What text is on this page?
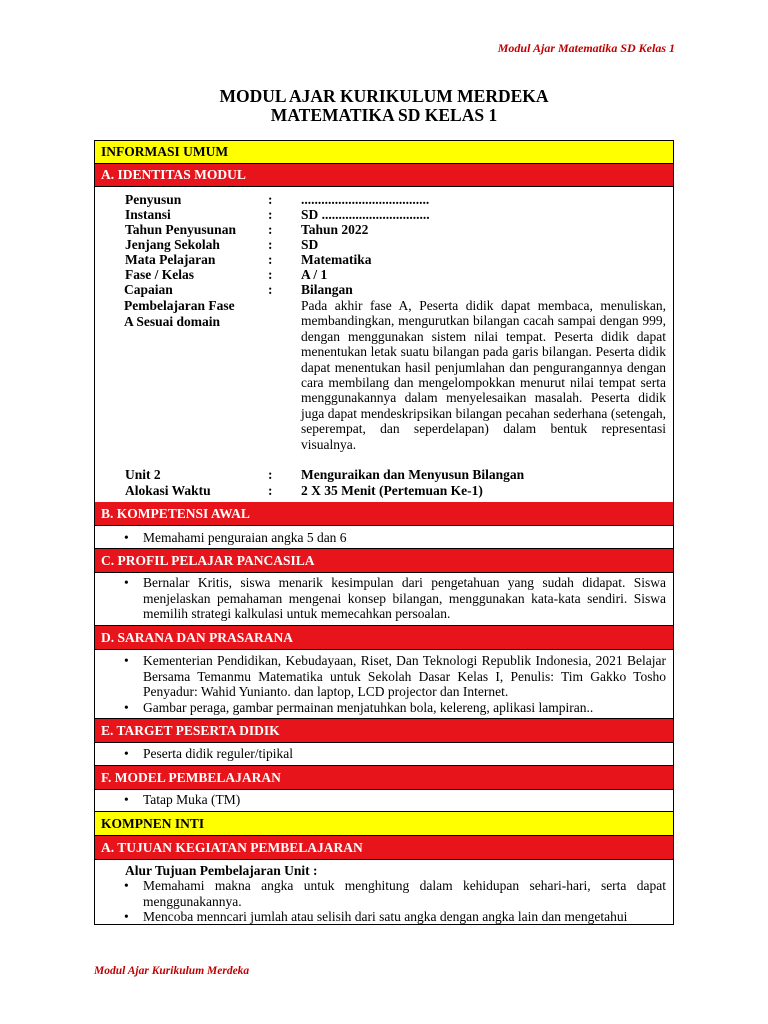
Modul Ajar Matematika SD Kelas 1
MODUL AJAR KURIKULUM MERDEKA
MATEMATIKA SD KELAS 1
INFORMASI UMUM
A. IDENTITAS MODUL
Penyusun	: ......................................
Instansi	: SD ................................
Tahun Penyusunan : Tahun 2022
Jenjang Sekolah	: SD
Mata Pelajaran	: Matematika
Fase / Kelas	: A / 1
Capaian	: Bilangan
Pembelajaran Fase
A Sesuai domain
Pada akhir fase A, Peserta didik dapat membaca, menuliskan, membandingkan, mengurutkan bilangan cacah sampai dengan 999, dengan menggunakan sistem nilai tempat. Peserta didik dapat menentukan letak suatu bilangan pada garis bilangan. Peserta didik dapat menentukan hasil penjumlahan dan pengurangannya dengan cara membilang dan mengelompokkan menurut nilai tempat serta menggunakannya dalam menyelesaikan masalah. Peserta didik juga dapat mendeskripsikan bilangan pecahan sederhana (setengah, seperempat, dan seperdelapan) dalam bentuk representasi visualnya.
Unit 2	: Menguraikan dan Menyusun Bilangan
Alokasi Waktu	: 2 X 35 Menit (Pertemuan Ke-1)
B. KOMPETENSI AWAL
• Memahami penguraian angka 5 dan 6
C. PROFIL PELAJAR PANCASILA
• Bernalar Kritis, siswa menarik kesimpulan dari pengetahuan yang sudah didapat. Siswa menjelaskan pemahaman mengenai konsep bilangan, menggunakan kata-kata sendiri. Siswa memilih strategi kalkulasi untuk memecahkan persoalan.
D. SARANA DAN PRASARANA
• Kementerian Pendidikan, Kebudayaan, Riset, Dan Teknologi Republik Indonesia, 2021 Belajar Bersama Temanmu Matematika untuk Sekolah Dasar Kelas I, Penulis: Tim Gakko Tosho Penyadur: Wahid Yunianto. dan laptop, LCD projector dan Internet.
• Gambar peraga, gambar permainan menjatuhkan bola, kelereng, aplikasi lampiran..
E. TARGET PESERTA DIDIK
• Peserta didik reguler/tipikal
F. MODEL PEMBELAJARAN
• Tatap Muka (TM)
KOMPNEN INTI
A. TUJUAN KEGIATAN PEMBELAJARAN
Alur Tujuan Pembelajaran Unit :
• Memahami makna angka untuk menghitung dalam kehidupan sehari-hari, serta dapat menggunakannya.
• Mencoba menncari jumlah atau selisih dari satu angka dengan angka lain dan mengetahui
Modul Ajar Kurikulum Merdeka
